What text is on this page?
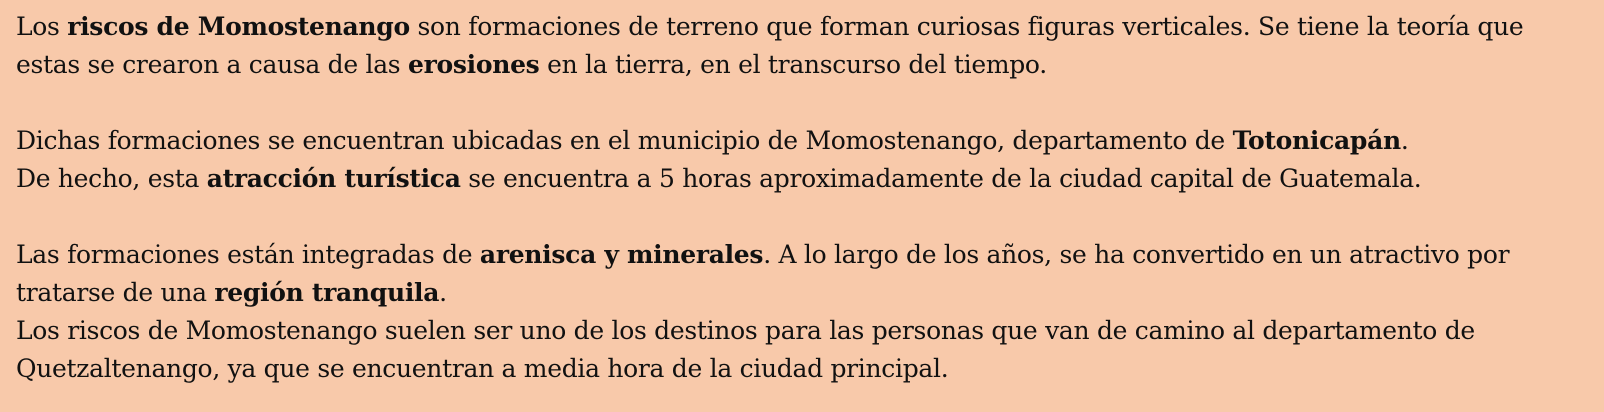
Los riscos de Momostenango son formaciones de terreno que forman curiosas figuras verticales. Se tiene la teoría que estas se crearon a causa de las erosiones en la tierra, en el transcurso del tiempo.

Dichas formaciones se encuentran ubicadas en el municipio de Momostenango, departamento de Totonicapán.
De hecho, esta atracción turística se encuentra a 5 horas aproximadamente de la ciudad capital de Guatemala.

Las formaciones están integradas de arenisca y minerales. A lo largo de los años, se ha convertido en un atractivo por tratarse de una región tranquila.

Los riscos de Momostenango suelen ser uno de los destinos para las personas que van de camino al departamento de Quetzaltenango, ya que se encuentran a media hora de la ciudad principal.
